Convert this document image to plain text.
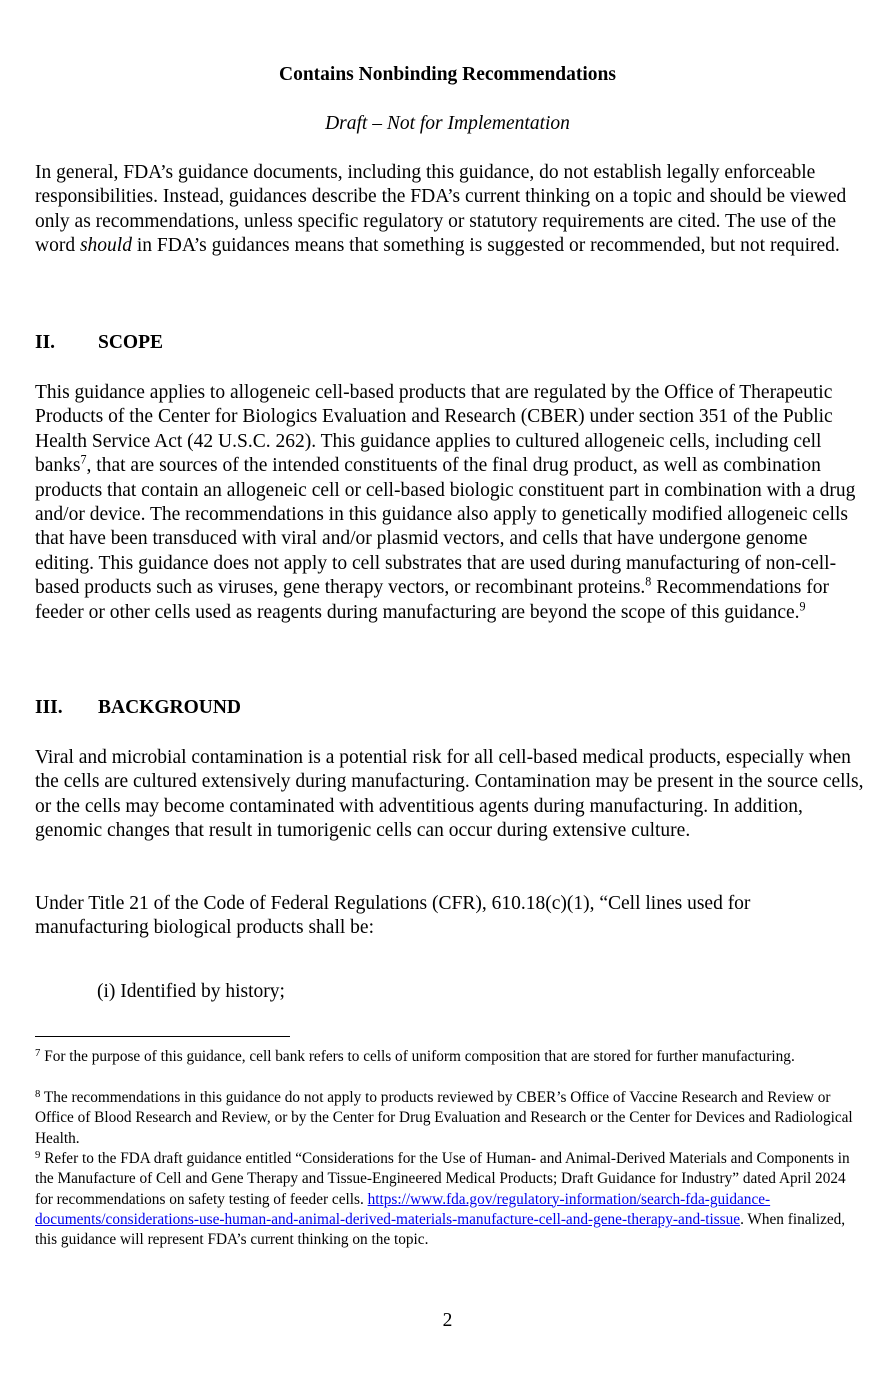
Contains Nonbinding Recommendations
Draft – Not for Implementation
In general, FDA’s guidance documents, including this guidance, do not establish legally enforceable responsibilities. Instead, guidances describe the FDA’s current thinking on a topic and should be viewed only as recommendations, unless specific regulatory or statutory requirements are cited. The use of the word should in FDA’s guidances means that something is suggested or recommended, but not required.
II. SCOPE
This guidance applies to allogeneic cell-based products that are regulated by the Office of Therapeutic Products of the Center for Biologics Evaluation and Research (CBER) under section 351 of the Public Health Service Act (42 U.S.C. 262). This guidance applies to cultured allogeneic cells, including cell banks$^7$, that are sources of the intended constituents of the final drug product, as well as combination products that contain an allogeneic cell or cell-based biologic constituent part in combination with a drug and/or device. The recommendations in this guidance also apply to genetically modified allogeneic cells that have been transduced with viral and/or plasmid vectors, and cells that have undergone genome editing. This guidance does not apply to cell substrates that are used during manufacturing of non-cell-based products such as viruses, gene therapy vectors, or recombinant proteins.$^8$ Recommendations for feeder or other cells used as reagents during manufacturing are beyond the scope of this guidance.$^9$
III. BACKGROUND
Viral and microbial contamination is a potential risk for all cell-based medical products, especially when the cells are cultured extensively during manufacturing. Contamination may be present in the source cells, or the cells may become contaminated with adventitious agents during manufacturing. In addition, genomic changes that result in tumorigenic cells can occur during extensive culture.
Under Title 21 of the Code of Federal Regulations (CFR), 610.18(c)(1), “Cell lines used for manufacturing biological products shall be:
(i) Identified by history;
$^7$ For the purpose of this guidance, cell bank refers to cells of uniform composition that are stored for further manufacturing.
$^8$ The recommendations in this guidance do not apply to products reviewed by CBER’s Office of Vaccine Research and Review or Office of Blood Research and Review, or by the Center for Drug Evaluation and Research or the Center for Devices and Radiological Health.
$^9$ Refer to the FDA draft guidance entitled “Considerations for the Use of Human- and Animal-Derived Materials and Components in the Manufacture of Cell and Gene Therapy and Tissue-Engineered Medical Products; Draft Guidance for Industry” dated April 2024 for recommendations on safety testing of feeder cells. https://www.fda.gov/regulatory-information/search-fda-guidance-documents/considerations-use-human-and-animal-derived-materials-manufacture-cell-and-gene-therapy-and-tissue. When finalized, this guidance will represent FDA’s current thinking on the topic.
2
